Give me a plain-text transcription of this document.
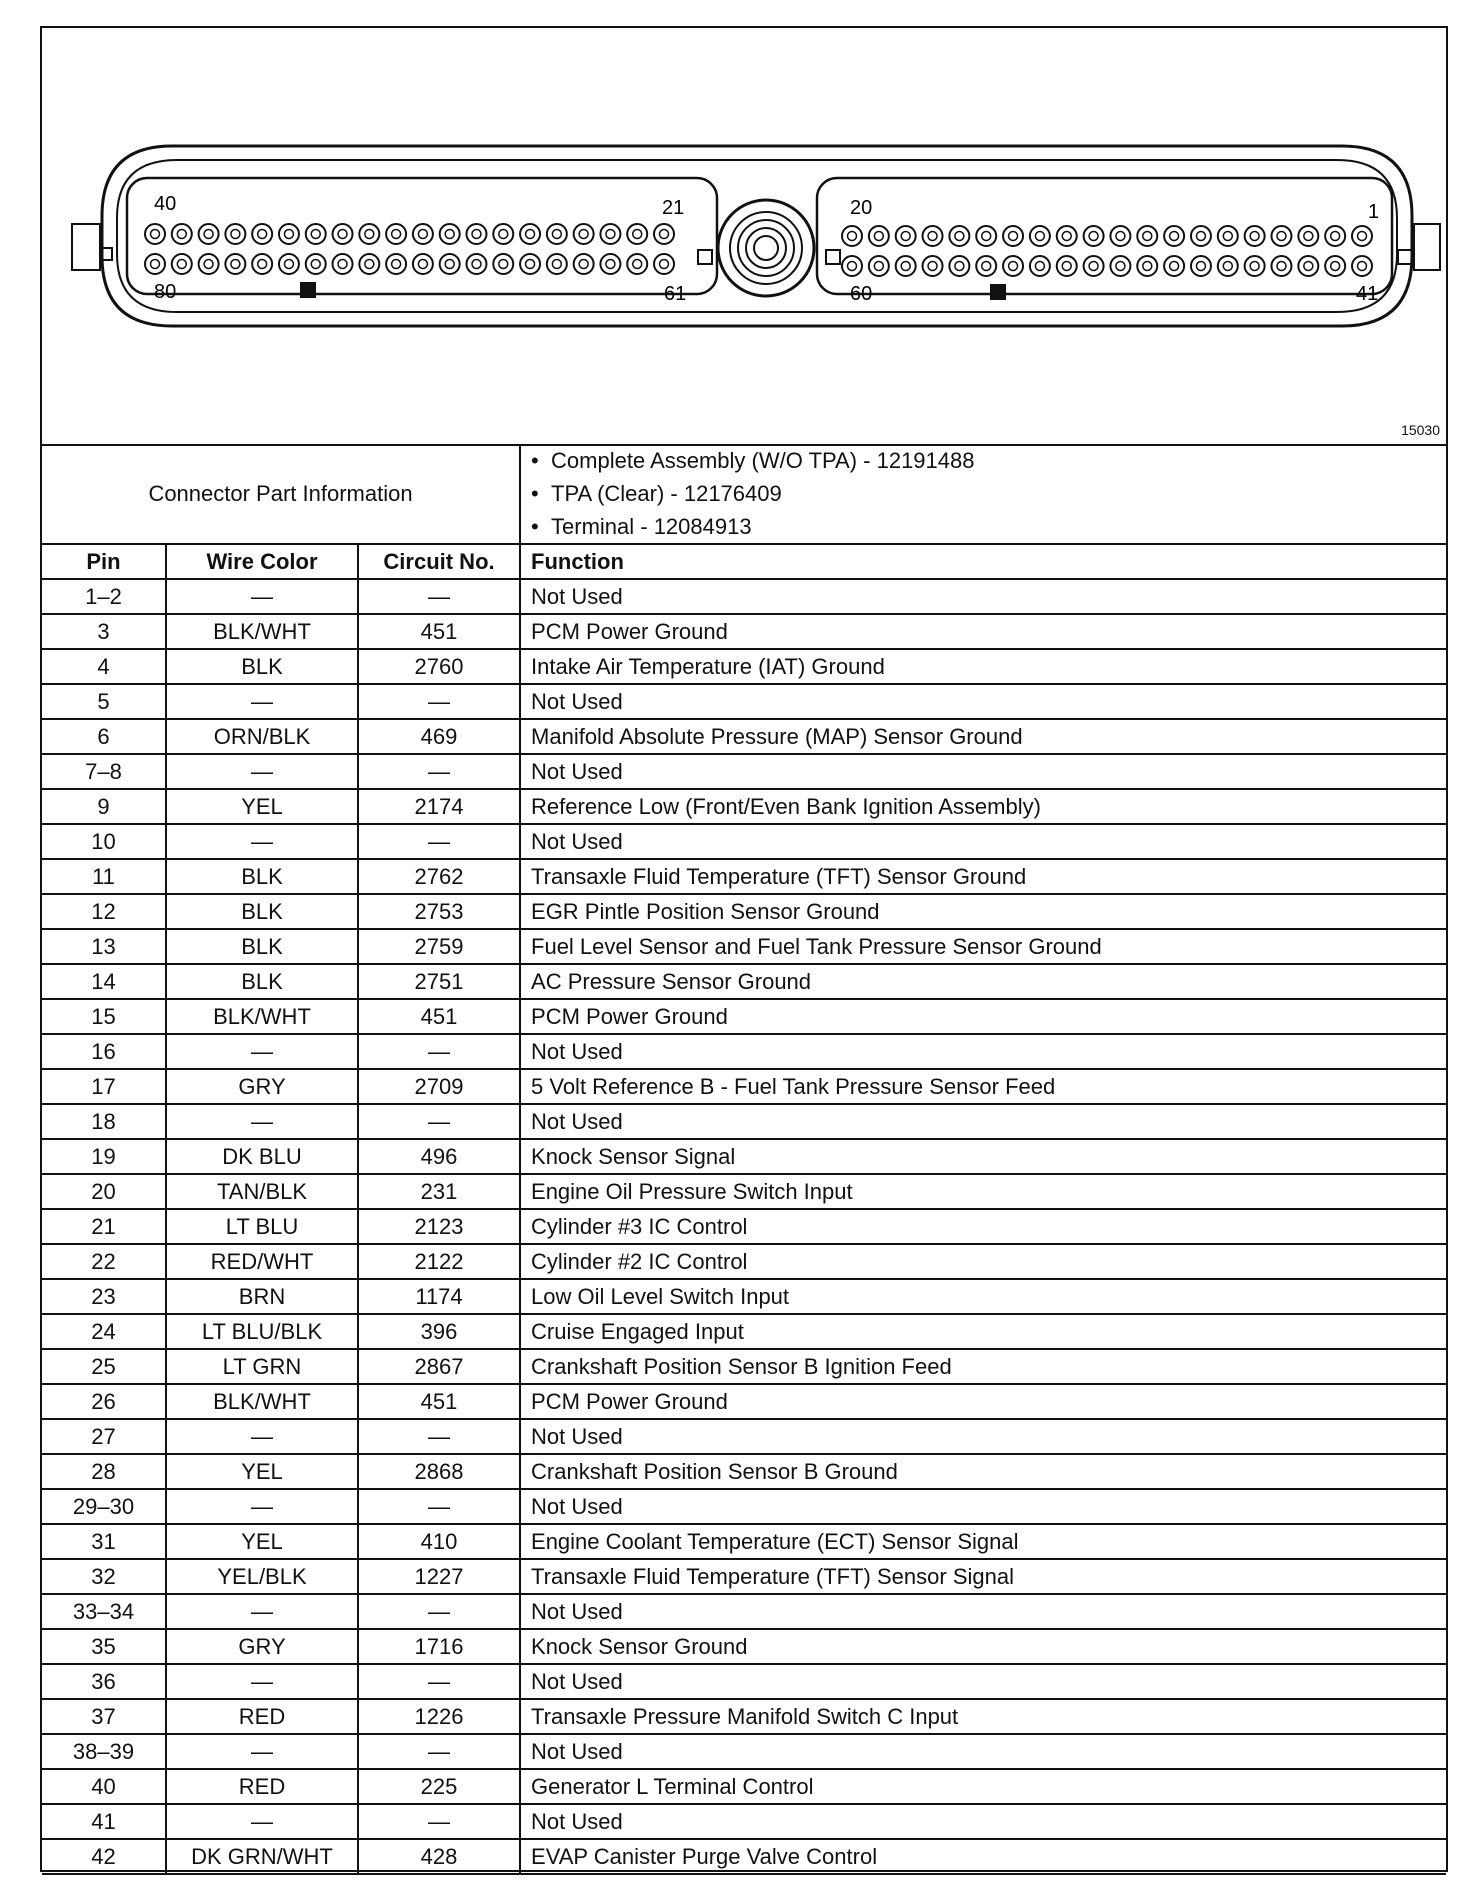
40	21
80	61
20	1
60	41
15030
Connector Part Information			• Complete Assembly (W/O TPA) - 12191488
• TPA (Clear) - 12176409
• Terminal - 12084913

Pin	Wire Color	Circuit No.	Function
1–2	—	—	Not Used
3	BLK/WHT	451	PCM Power Ground
4	BLK	2760	Intake Air Temperature (IAT) Ground
5	—	—	Not Used
6	ORN/BLK	469	Manifold Absolute Pressure (MAP) Sensor Ground
7–8	—	—	Not Used
9	YEL	2174	Reference Low (Front/Even Bank Ignition Assembly)
10	—	—	Not Used
11	BLK	2762	Transaxle Fluid Temperature (TFT) Sensor Ground
12	BLK	2753	EGR Pintle Position Sensor Ground
13	BLK	2759	Fuel Level Sensor and Fuel Tank Pressure Sensor Ground
14	BLK	2751	AC Pressure Sensor Ground
15	BLK/WHT	451	PCM Power Ground
16	—	—	Not Used
17	GRY	2709	5 Volt Reference B - Fuel Tank Pressure Sensor Feed
18	—	—	Not Used
19	DK BLU	496	Knock Sensor Signal
20	TAN/BLK	231	Engine Oil Pressure Switch Input
21	LT BLU	2123	Cylinder #3 IC Control
22	RED/WHT	2122	Cylinder #2 IC Control
23	BRN	1174	Low Oil Level Switch Input
24	LT BLU/BLK	396	Cruise Engaged Input
25	LT GRN	2867	Crankshaft Position Sensor B Ignition Feed
26	BLK/WHT	451	PCM Power Ground
27	—	—	Not Used
28	YEL	2868	Crankshaft Position Sensor B Ground
29–30	—	—	Not Used
31	YEL	410	Engine Coolant Temperature (ECT) Sensor Signal
32	YEL/BLK	1227	Transaxle Fluid Temperature (TFT) Sensor Signal
33–34	—	—	Not Used
35	GRY	1716	Knock Sensor Ground
36	—	—	Not Used
37	RED	1226	Transaxle Pressure Manifold Switch C Input
38–39	—	—	Not Used
40	RED	225	Generator L Terminal Control
41	—	—	Not Used
42	DK GRN/WHT	428	EVAP Canister Purge Valve Control
